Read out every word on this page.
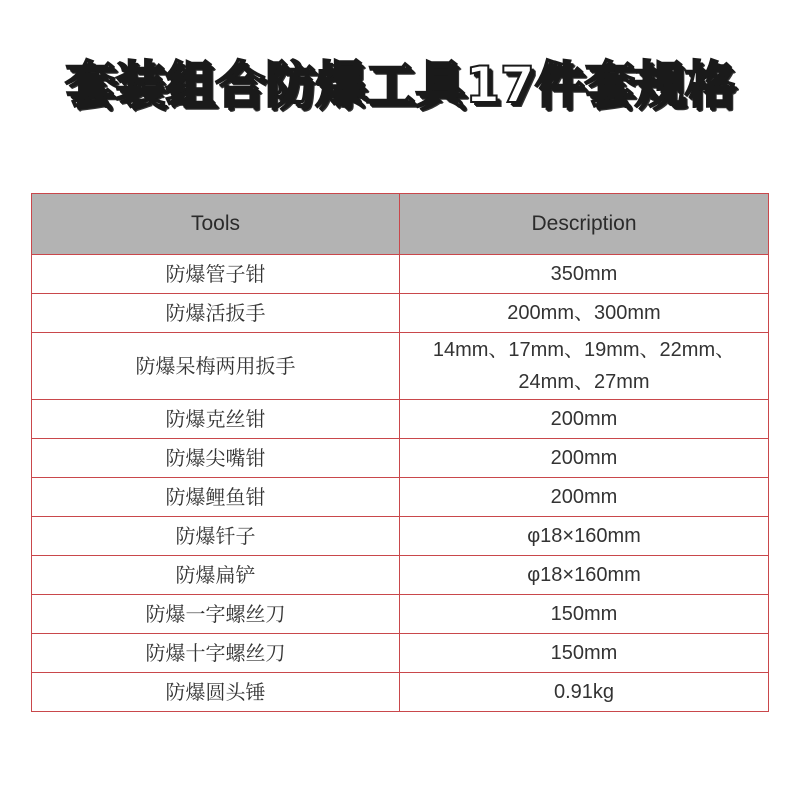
套装组合防爆工具17件套规格
Tools	Description
防爆管子钳	350mm
防爆活扳手	200mm、300mm
防爆呆梅两用扳手	14mm、17mm、19mm、22mm、24mm、27mm
防爆克丝钳	200mm
防爆尖嘴钳	200mm
防爆鲤鱼钳	200mm
防爆钎子	φ18×160mm
防爆扁铲	φ18×160mm
防爆一字螺丝刀	150mm
防爆十字螺丝刀	150mm
防爆圆头锤	0.91kg
